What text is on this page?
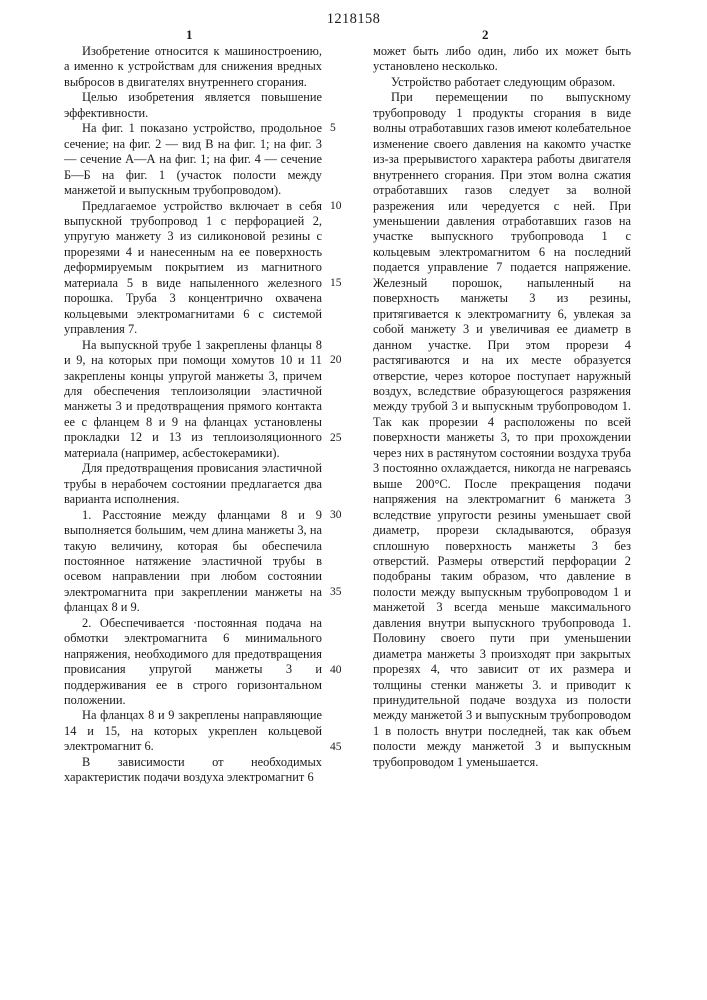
1218158
1	2
5
10
15
20
25
30
35
40
45

Изобретение относится к машиностроению, а именно к устройствам для снижения вредных выбросов в двигателях внутреннего сгорания.

Целью изобретения является повышение эффективности.

На фиг. 1 показано устройство, продольное сечение; на фиг. 2 — вид В на фиг. 1; на фиг. 3 — сечение А—А на фиг. 1; на фиг. 4 — сечение Б—Б на фиг. 1 (участок полости между манжетой и выпускным трубопроводом).

Предлагаемое устройство включает в себя выпускной трубопровод 1 с перфорацией 2, упругую манжету 3 из силиконовой резины с прорезями 4 и нанесенным на ее поверхность деформируемым покрытием из магнитного материала 5 в виде напыленного железного порошка. Труба 3 концентрично охвачена кольцевыми электромагнитами 6 с системой управления 7.

На выпускной трубе 1 закреплены фланцы 8 и 9, на которых при помощи хомутов 10 и 11 закреплены концы упругой манжеты 3, причем для обеспечения теплоизоляции эластичной манжеты 3 и предотвращения прямого контакта ее с фланцем 8 и 9 на фланцах установлены прокладки 12 и 13 из теплоизоляционного материала (например, асбестокерамики).

Для предотвращения провисания эластичной трубы в нерабочем состоянии предлагается два варианта исполнения.

1. Расстояние между фланцами 8 и 9 выполняется большим, чем длина манжеты 3, на такую величину, которая бы обеспечила постоянное натяжение эластичной трубы в осевом направлении при любом состоянии электромагнита при закреплении манжеты на фланцах 8 и 9.

2. Обеспечивается ·постоянная подача на обмотки электромагнита 6 минимального напряжения, необходимого для предотвращения провисания упругой манжеты 3 и поддерживания ее в строго горизонтальном положении.

На фланцах 8 и 9 закреплены направляющие 14 и 15, на которых укреплен кольцевой электромагнит 6.

В зависимости от необходимых характеристик подачи воздуха электромагнит 6

может быть либо один, либо их может быть установлено несколько.

Устройство работает следующим образом.

При перемещении по выпускному трубопроводу 1 продукты сгорания в виде волны отработавших газов имеют колебательное изменение своего давления на какомто участке из-за прерывистого характера работы двигателя внутреннего сгорания. При этом волна сжатия отработавших газов следует за волной разрежения или чередуется с ней. При уменьшении давления отработавших газов на участке выпускного трубопровода 1 с кольцевым электромагнитом 6 на последний подается управление 7 подается напряжение. Железный порошок, напыленный на поверхность манжеты 3 из резины, притягивается к электромагниту 6, увлекая за собой манжету 3 и увеличивая ее диаметр в данном участке. При этом прорези 4 растягиваются и на их месте образуется отверстие, через которое поступает наружный воздух, вследствие образующегося разряжения между трубой 3 и выпускным трубопроводом 1. Так как прорезии 4 расположены по всей поверхности манжеты 3, то при прохождении через них в растянутом состоянии воздуха труба 3 постоянно охлаждается, никогда не нагреваясь выше 200°С. После прекращения подачи напряжения на электромагнит 6 манжета 3 вследствие упругости резины уменьшает свой диаметр, прорези складываются, образуя сплошную поверхность манжеты 3 без отверстий. Размеры отверстий перфорации 2 подобраны таким образом, что давление в полости между выпускным трубопроводом 1 и манжетой 3 всегда меньше максимального давления внутри выпускного трубопровода 1. Половину своего пути при уменьшении диаметра манжеты 3 произходят при закрытых прорезях 4, что зависит от их размера и толщины стенки манжеты 3. и приводит к принудительной подаче воздуха из полости между манжетой 3 и выпускным трубопроводом 1 в полость внутри последней, так как объем полости между манжетой 3 и выпускным трубопроводом 1 уменьшается.
